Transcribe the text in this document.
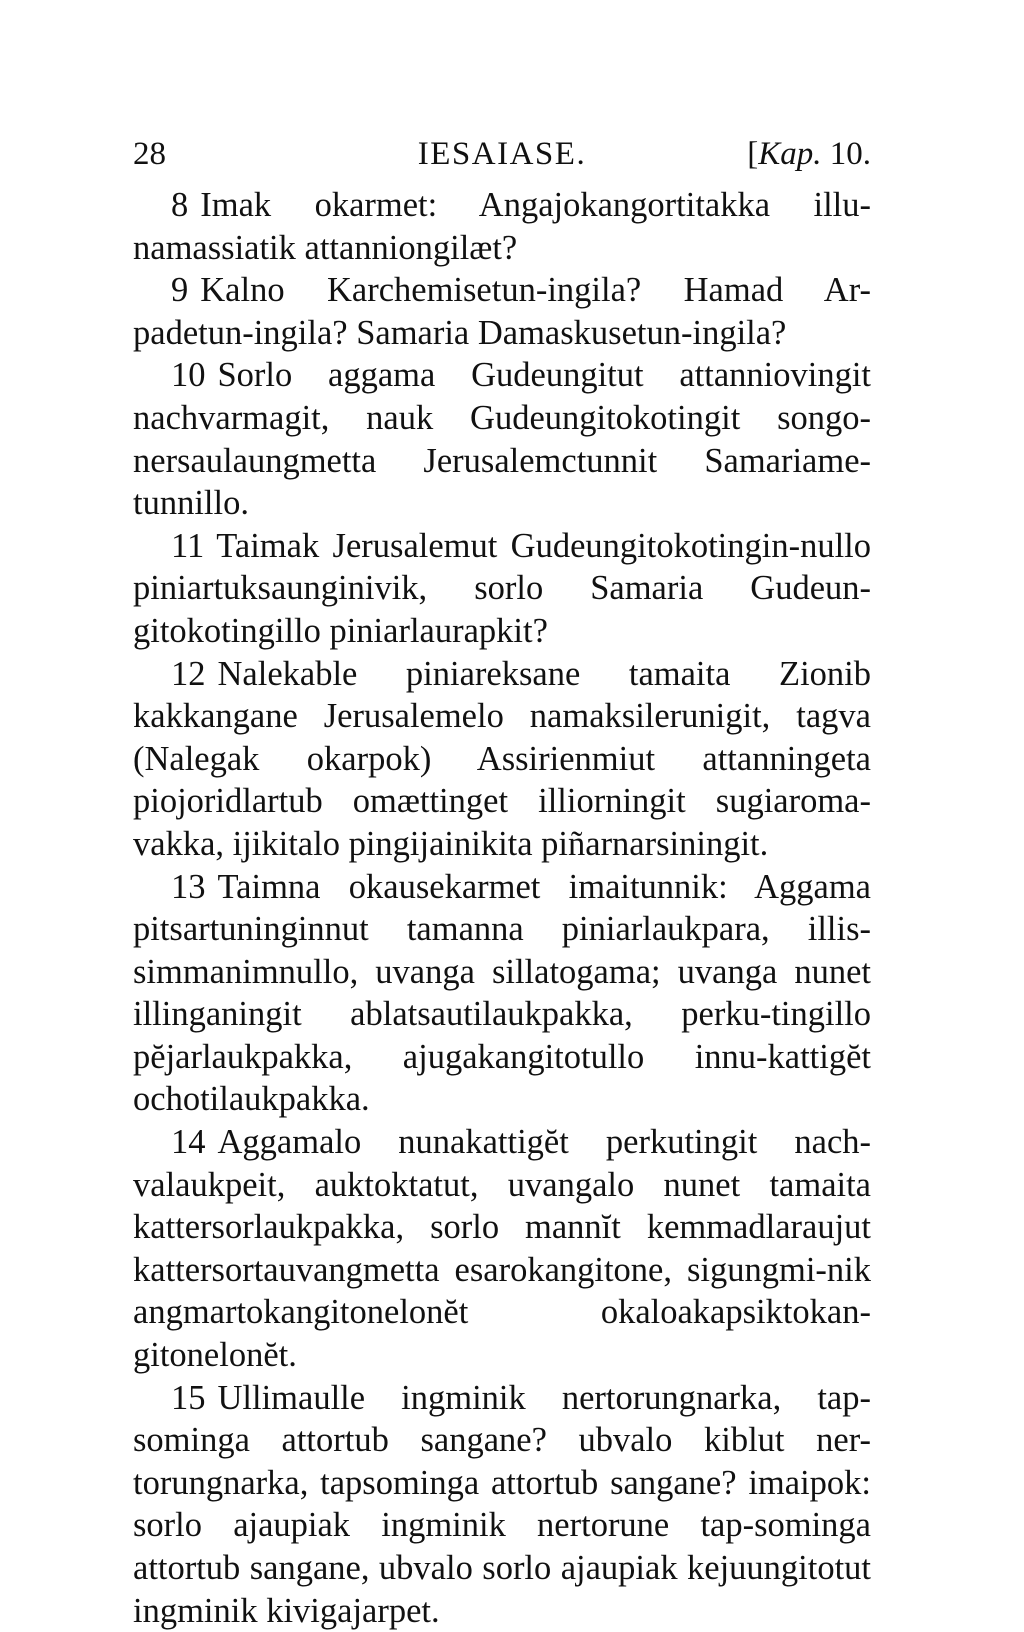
28	IESAIASE.	[Kap. 10.

8 Imak okarmet: Angajokangortitakka illu-namassiatik attanniongilæt?

9 Kalno Karchemisetun-ingila? Hamad Ar-padetun-ingila? Samaria Damaskusetun-ingila?

10 Sorlo aggama Gudeungitut attanniovingit nachvarmagit, nauk Gudeungitokotingit songo-nersaulaungmetta Jerusalemctunnit Samariame-tunnillo.

11 Taimak Jerusalemut Gudeungitokotingin-nullo piniartuksaunginivik, sorlo Samaria Gudeun-gitokotingillo piniarlaurapkit?

12 Nalekable piniareksane tamaita Zionib kakkangane Jerusalemelo namaksilerunigit, tagva (Nalegak okarpok) Assirienmiut attanningeta piojoridlartub omættinget illiorningit sugiaroma-vakka, ijikitalo pingijainikita piñarnarsiningit.

13 Taimna okausekarmet imaitunnik: Aggama pitsartuninginnut tamanna piniarlaukpara, illis-simmanimnullo, uvanga sillatogama; uvanga nunet illinganingit ablatsautilaukpakka, perku-tingillo pĕjarlaukpakka, ajugakangitotullo innu-kattigĕt ochotilaukpakka.

14 Aggamalo nunakattigĕt perkutingit nach-valaukpeit, auktoktatut, uvangalo nunet tamaita kattersorlaukpakka, sorlo mannĭt kemmadlaraujut kattersortauvangmetta esarokangitone, sigungmi-nik angmartokangitonelonĕt okaloakapsiktokan-gitonelonĕt.

15 Ullimaulle ingminik nertorungnarka, tap-sominga attortub sangane? ubvalo kiblut ner-torungnarka, tapsominga attortub sangane? imaipok: sorlo ajaupiak ingminik nertorune tap-sominga attortub sangane, ubvalo sorlo ajaupiak kejuungitotut ingminik kivigajarpet.
